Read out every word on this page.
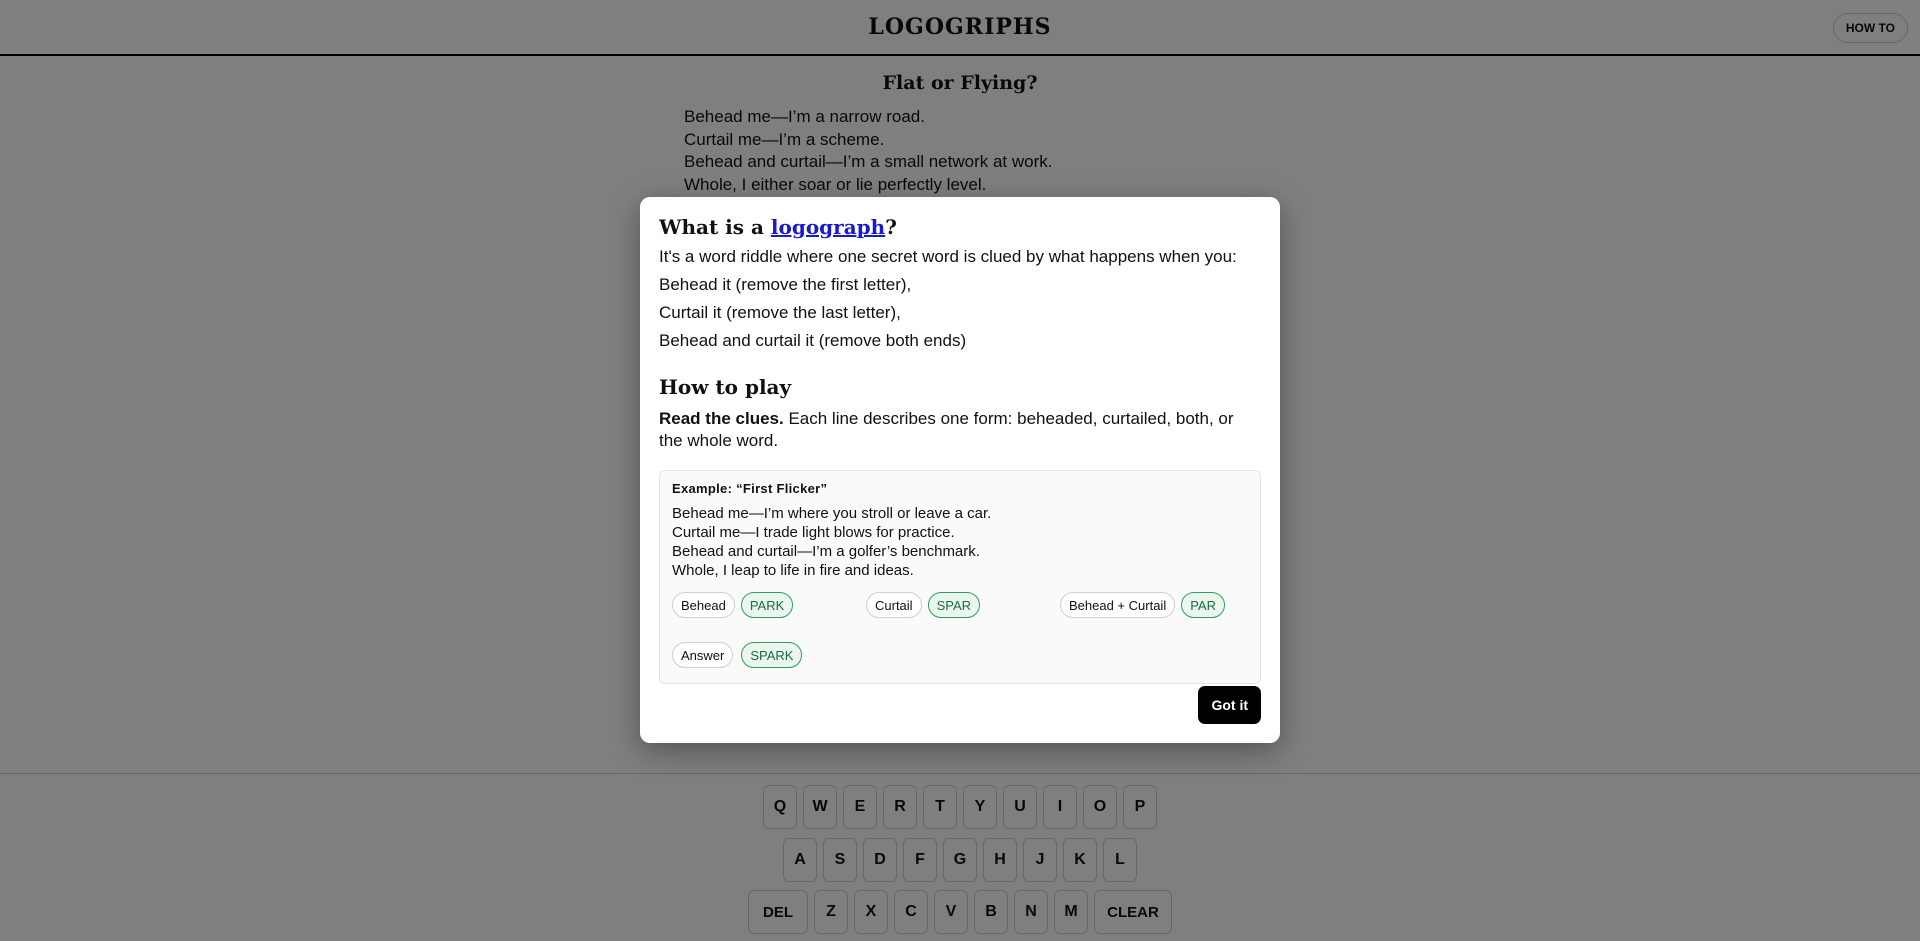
What is a logograph?

It's a word riddle where one secret word is clued by what happens when you:

Behead it (remove the first letter),

Curtail it (remove the last letter),

Behead and curtail it (remove both ends)

How to play

Read the clues. Each line describes one form: beheaded, curtailed, both, or the whole word.

Example: “First Flicker”
Behead me—I’m where you stroll or leave a car.
Curtail me—I trade light blows for practice.
Behead and curtail—I’m a golfer’s benchmark.
Whole, I leap to life in fire and ideas.
Behead	PARK	Curtail	SPAR	Behead + Curtail	PAR
Answer	SPARK
Got it
